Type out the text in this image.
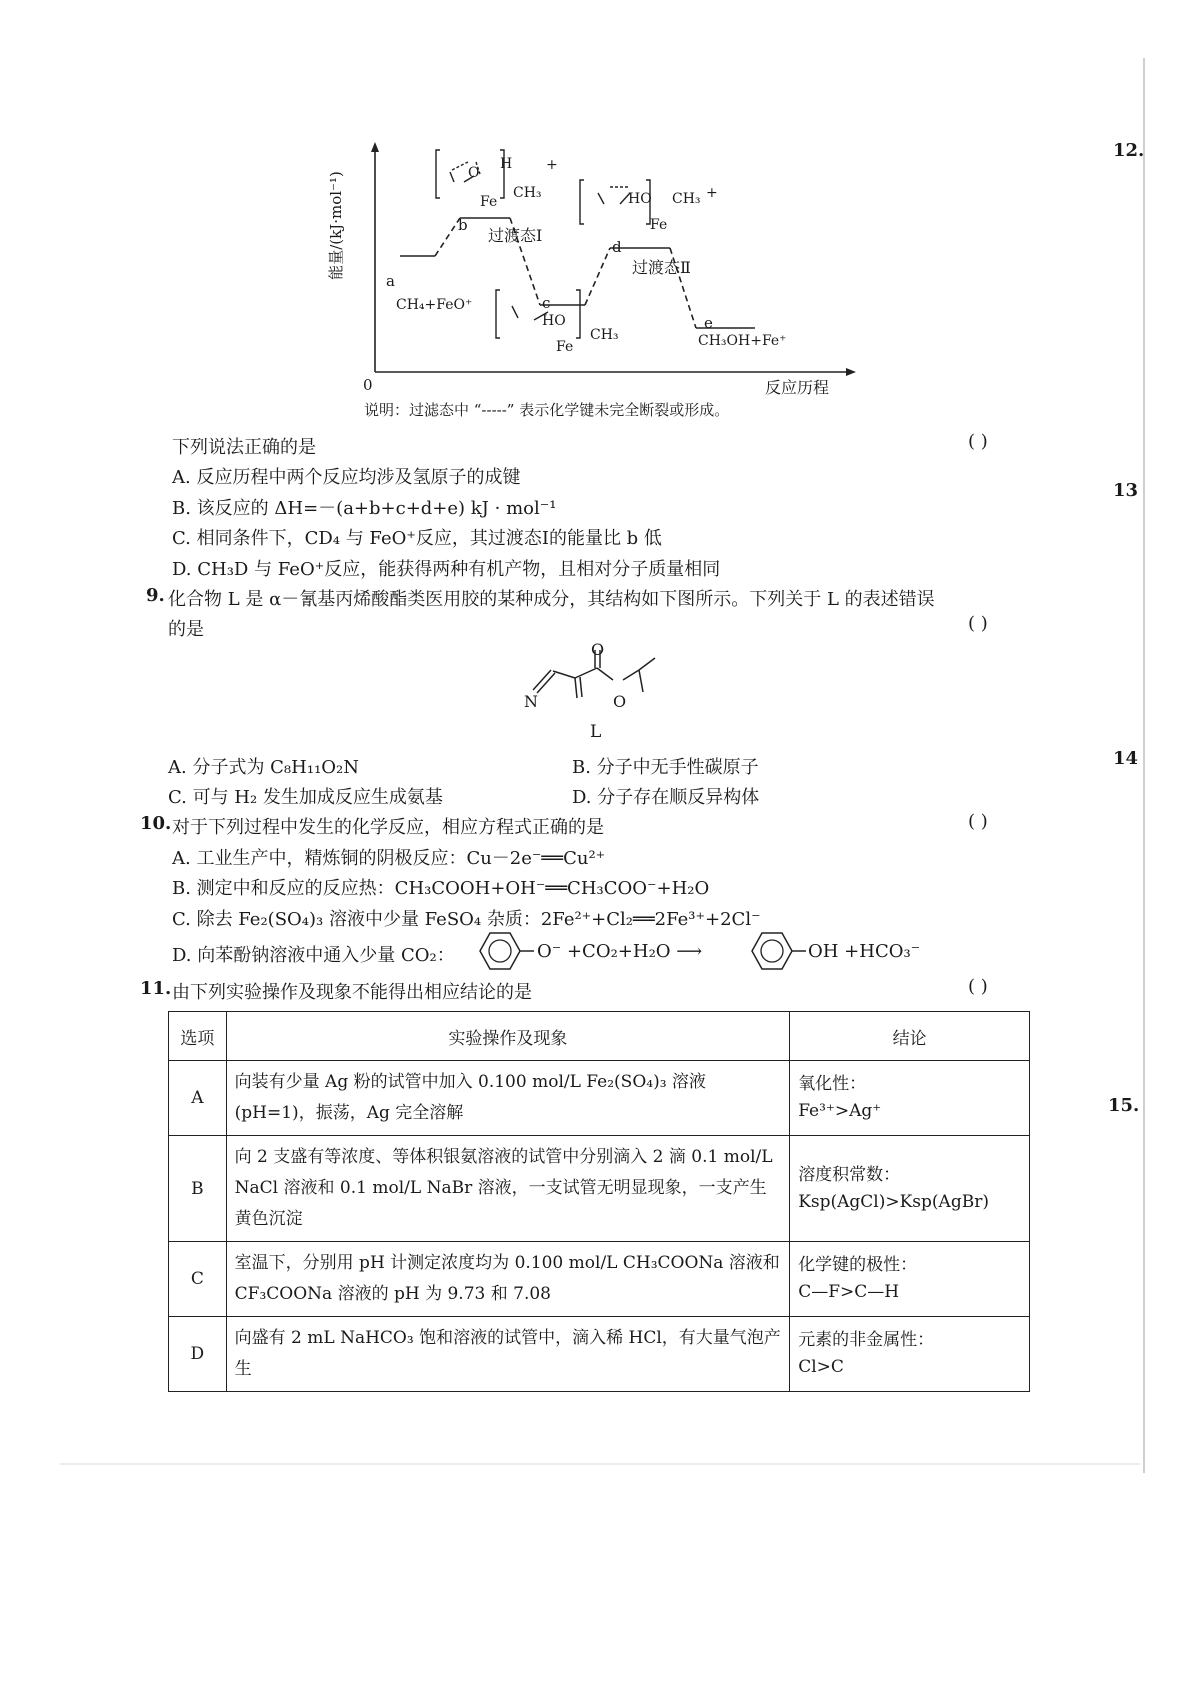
12.
13
14
15.
能量/(kJ·mol⁻¹)
反应历程
0
a
b
c
d
e
过渡态Ⅰ
过渡态Ⅱ
CH₄+FeO⁺
CH₃OH+Fe⁺
O
H
Fe
CH₃
+
HO CH₃
Fe
+
HO
Fe
CH₃
说明：过滤态中 “-----” 表示化学键未完全断裂或形成。
下列说法正确的是	( )
A. 反应历程中两个反应均涉及氢原子的成键
B. 该反应的 ΔH=－(a+b+c+d+e) kJ · mol⁻¹
C. 相同条件下，CD₄ 与 FeO⁺反应，其过渡态Ⅰ的能量比 b 低
D. CH₃D 与 FeO⁺反应，能获得两种有机产物，且相对分子质量相同
9. 化合物 L 是 α－氰基丙烯酸酯类医用胶的某种成分，其结构如下图所示。下列关于 L 的表述错误
的是	( )
N
O
O
L
A. 分子式为 C₈H₁₁O₂N	B. 分子中无手性碳原子
C. 可与 H₂ 发生加成反应生成氨基	D. 分子存在顺反异构体
10. 对于下列过程中发生的化学反应，相应方程式正确的是	( )
A. 工业生产中，精炼铜的阴极反应：Cu－2e⁻══Cu²⁺
B. 测定中和反应的反应热：CH₃COOH+OH⁻══CH₃COO⁻+H₂O
C. 除去 Fe₂(SO₄)₃ 溶液中少量 FeSO₄ 杂质：2Fe²⁺+Cl₂══2Fe³⁺+2Cl⁻
D. 向苯酚钠溶液中通入少量 CO₂：	O⁻ +CO₂+H₂O ⟶	OH +HCO₃⁻
11. 由下列实验操作及现象不能得出相应结论的是	( )
选项	实验操作及现象	结论
A	向装有少量 Ag 粉的试管中加入 0.100 mol/L Fe₂(SO₄)₃ 溶液(pH=1)，振荡，Ag 完全溶解	氧化性：
Fe³⁺>Ag⁺
B	向 2 支盛有等浓度、等体积银氨溶液的试管中分别滴入 2 滴 0.1 mol/L NaCl 溶液和 0.1 mol/L NaBr 溶液，一支试管无明显现象，一支产生黄色沉淀	溶度积常数：
Ksp(AgCl)>Ksp(AgBr)
C	室温下，分别用 pH 计测定浓度均为 0.100 mol/L CH₃COONa 溶液和 CF₃COONa 溶液的 pH 为 9.73 和 7.08	化学键的极性：
C—F>C—H
D	向盛有 2 mL NaHCO₃ 饱和溶液的试管中，滴入稀 HCl，有大量气泡产生	元素的非金属性：
Cl>C
